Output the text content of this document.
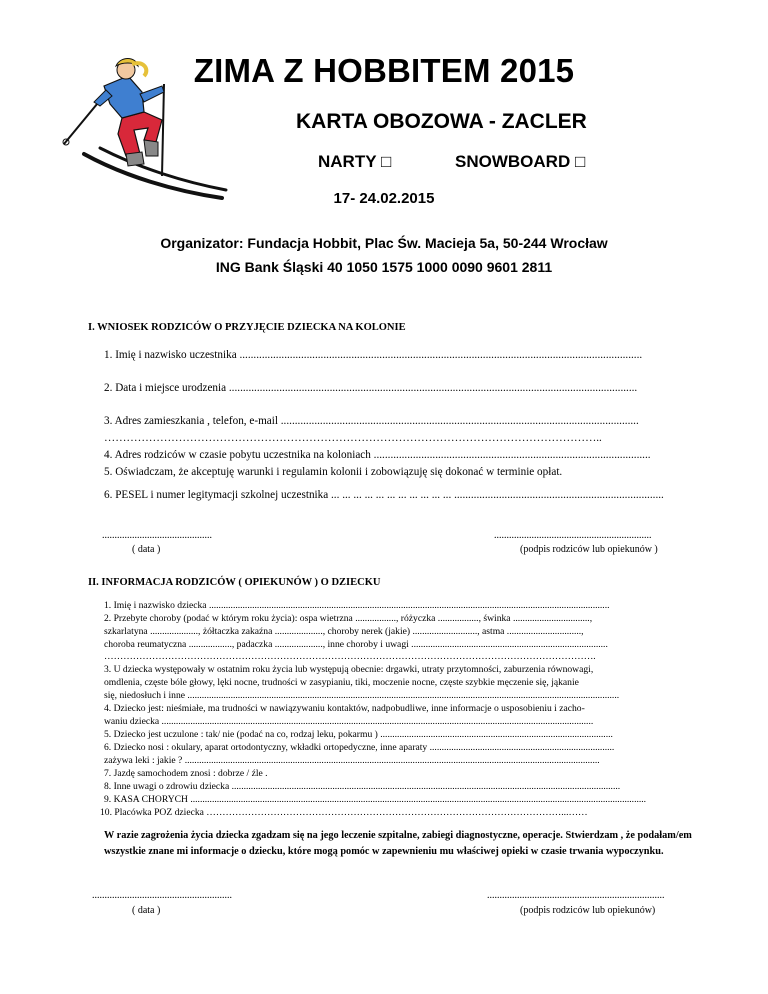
ZIMA Z HOBBITEM 2015
KARTA OBOZOWA - ZACLER
NARTY □	SNOWBOARD □
17- 24.02.2015
Organizator: Fundacja Hobbit, Plac Św. Macieja 5a, 50-244 Wrocław
ING Bank Śląski 40 1050 1575 1000 0090 9601 2811
I. WNIOSEK RODZICÓW O PRZYJĘCIE DZIECKA NA KOLONIE
1. Imię i nazwisko uczestnika ................................................................................................................................................
2. Data i miejsce urodzenia ..................................................................................................................................................
3. Adres zamieszkania , telefon, e-mail ................................................................................................................................
……………………………………………………………………………………………………………………..
4. Adres rodziców w czasie pobytu uczestnika na koloniach ...................................................................................................
5. Oświadczam, że akceptuję warunki i regulamin kolonii i zobowiązuję się dokonać w terminie opłat.
6. PESEL i numer legitymacji szkolnej uczestnika ... ... ... ... ... ... ... ... ... ... ... ...........................................................................
............................................
( data )
...............................................................
(podpis rodziców lub opiekunów )
II. INFORMACJA RODZICÓW ( OPIEKUNÓW ) O DZIECKU
1. Imię i nazwisko dziecka .......................................................................................................................................................................
2. Przebyte choroby (podać w którym roku życia): ospa wietrzna ................., różyczka ................., świnka ................................,
szkarlatyna ...................., żółtaczka zakaźna ...................., choroby nerek (jakie) ..........................., astma ...............................,
choroba reumatyczna .................., padaczka ...................., inne choroby i uwagi ..................................................................................
……………………………………………………………………………………………………………………………………….
3. U dziecka występowały w ostatnim roku życia lub występują obecnie: drgawki, utraty przytomności, zaburzenia równowagi,
omdlenia, częste bóle głowy, lęki nocne, trudności w zasypianiu, tiki, moczenie nocne, częste szybkie męczenie się, jąkanie
się, niedosłuch i inne ....................................................................................................................................................................................
4. Dziecko jest: nieśmiałe, ma trudności w nawiązywaniu kontaktów, nadpobudliwe, inne informacje o usposobieniu i zacho-
waniu dziecka ....................................................................................................................................................................................
5. Dziecko jest uczulone : tak/ nie (podać na co, rodzaj leku, pokarmu ) .................................................................................................
6. Dziecko nosi : okulary, aparat ortodontyczny, wkładki ortopedyczne, inne aparaty .............................................................................
zażywa leki : jakie ? .............................................................................................................................................................................
7. Jazdę samochodem znosi : dobrze / źle .
8. Inne uwagi o zdrowiu dziecka ..................................................................................................................................................................
9. KASA CHORYCH ..............................................................................................................................................................................................
10. Placówka POZ dziecka …………………………………………………………………………………………………...……
W razie zagrożenia życia dziecka zgadzam się na jego leczenie szpitalne, zabiegi diagnostyczne, operacje. Stwierdzam , że podałam/em wszystkie znane mi informacje o dziecku, które mogą pomóc w zapewnieniu mu właściwej opieki w czasie trwania wypoczynku.
........................................................
( data )
.......................................................................
(podpis rodziców lub opiekunów)
